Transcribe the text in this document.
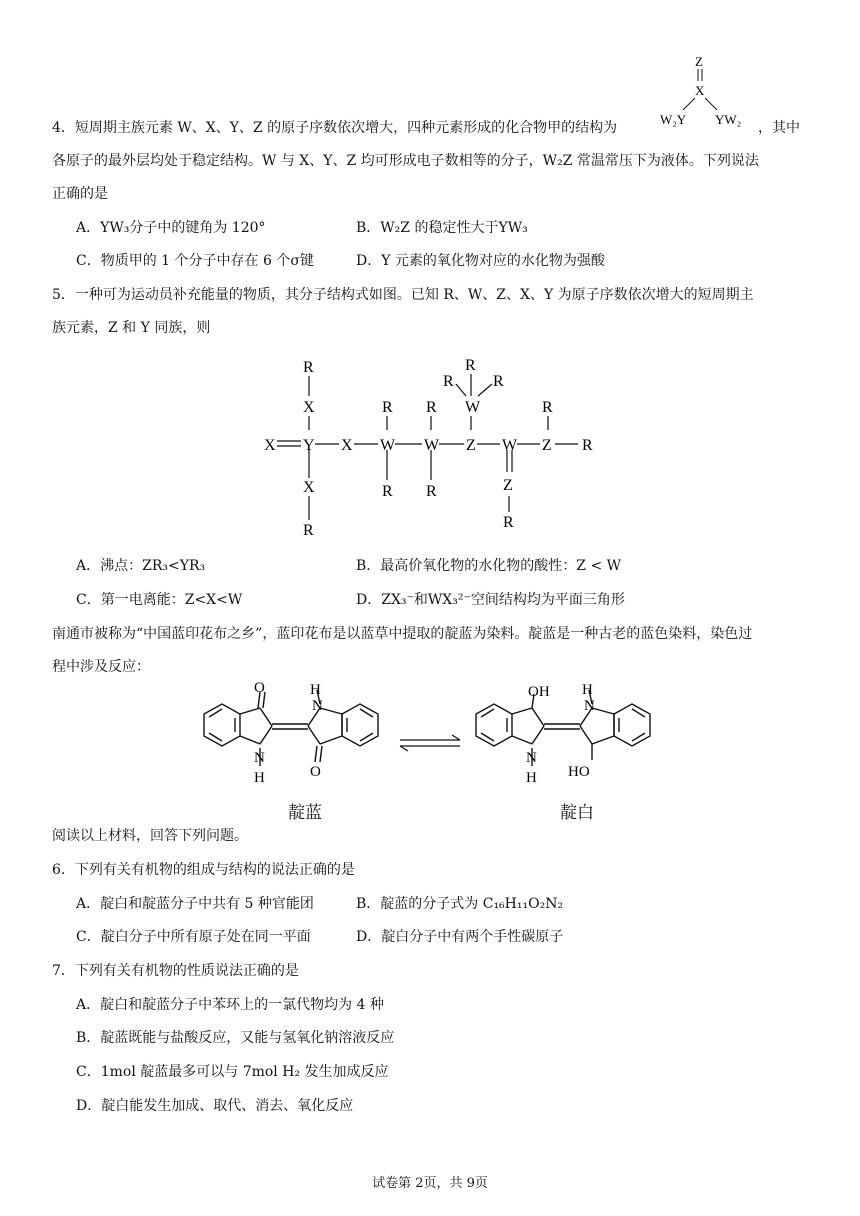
4．短周期主族元素 W、X、Y、Z 的原子序数依次增大，四种元素形成的化合物甲的结构为	，其中
Z
X
W₂Y YW₂
各原子的最外层均处于稳定结构。W 与 X、Y、Z 均可形成电子数相等的分子，W₂Z 常温常压下为液体。下列说法
正确的是
A．YW₃分子中的键角为 120°	B．W₂Z 的稳定性大于YW₃
C．物质甲的 1 个分子中存在 6 个σ键	D．Y 元素的氧化物对应的水化物为强酸
5．一种可为运动员补充能量的物质，其分子结构式如图。已知 R、W、Z、X、Y 为原子序数依次增大的短周期主
族元素，Z 和 Y 同族，则
X Y X W W Z W Z R
X
R
X
R
R
R
R
R
W
R
R R
R
Z
R
A．沸点：ZR₃<YR₃	B．最高价氧化物的水化物的酸性：Z < W
C．第一电离能：Z<X<W	D．ZX₃⁻和WX₃²⁻空间结构均为平面三角形
南通市被称为“中国蓝印花布之乡”，蓝印花布是以蓝草中提取的靛蓝为染料。靛蓝是一种古老的蓝色染料，染色过
程中涉及反应：
O
N
H
N
H
O
OH
N
H
N
H
HO
靛蓝	靛白
阅读以上材料，回答下列问题。
6．下列有关有机物的组成与结构的说法正确的是
A．靛白和靛蓝分子中共有 5 种官能团	B．靛蓝的分子式为 C₁₆H₁₁O₂N₂
C．靛白分子中所有原子处在同一平面	D．靛白分子中有两个手性碳原子
7．下列有关有机物的性质说法正确的是
A．靛白和靛蓝分子中苯环上的一氯代物均为 4 种
B．靛蓝既能与盐酸反应，又能与氢氧化钠溶液反应
C．1mol 靛蓝最多可以与 7mol H₂ 发生加成反应
D．靛白能发生加成、取代、消去、氧化反应
试卷第 2页，共 9页
